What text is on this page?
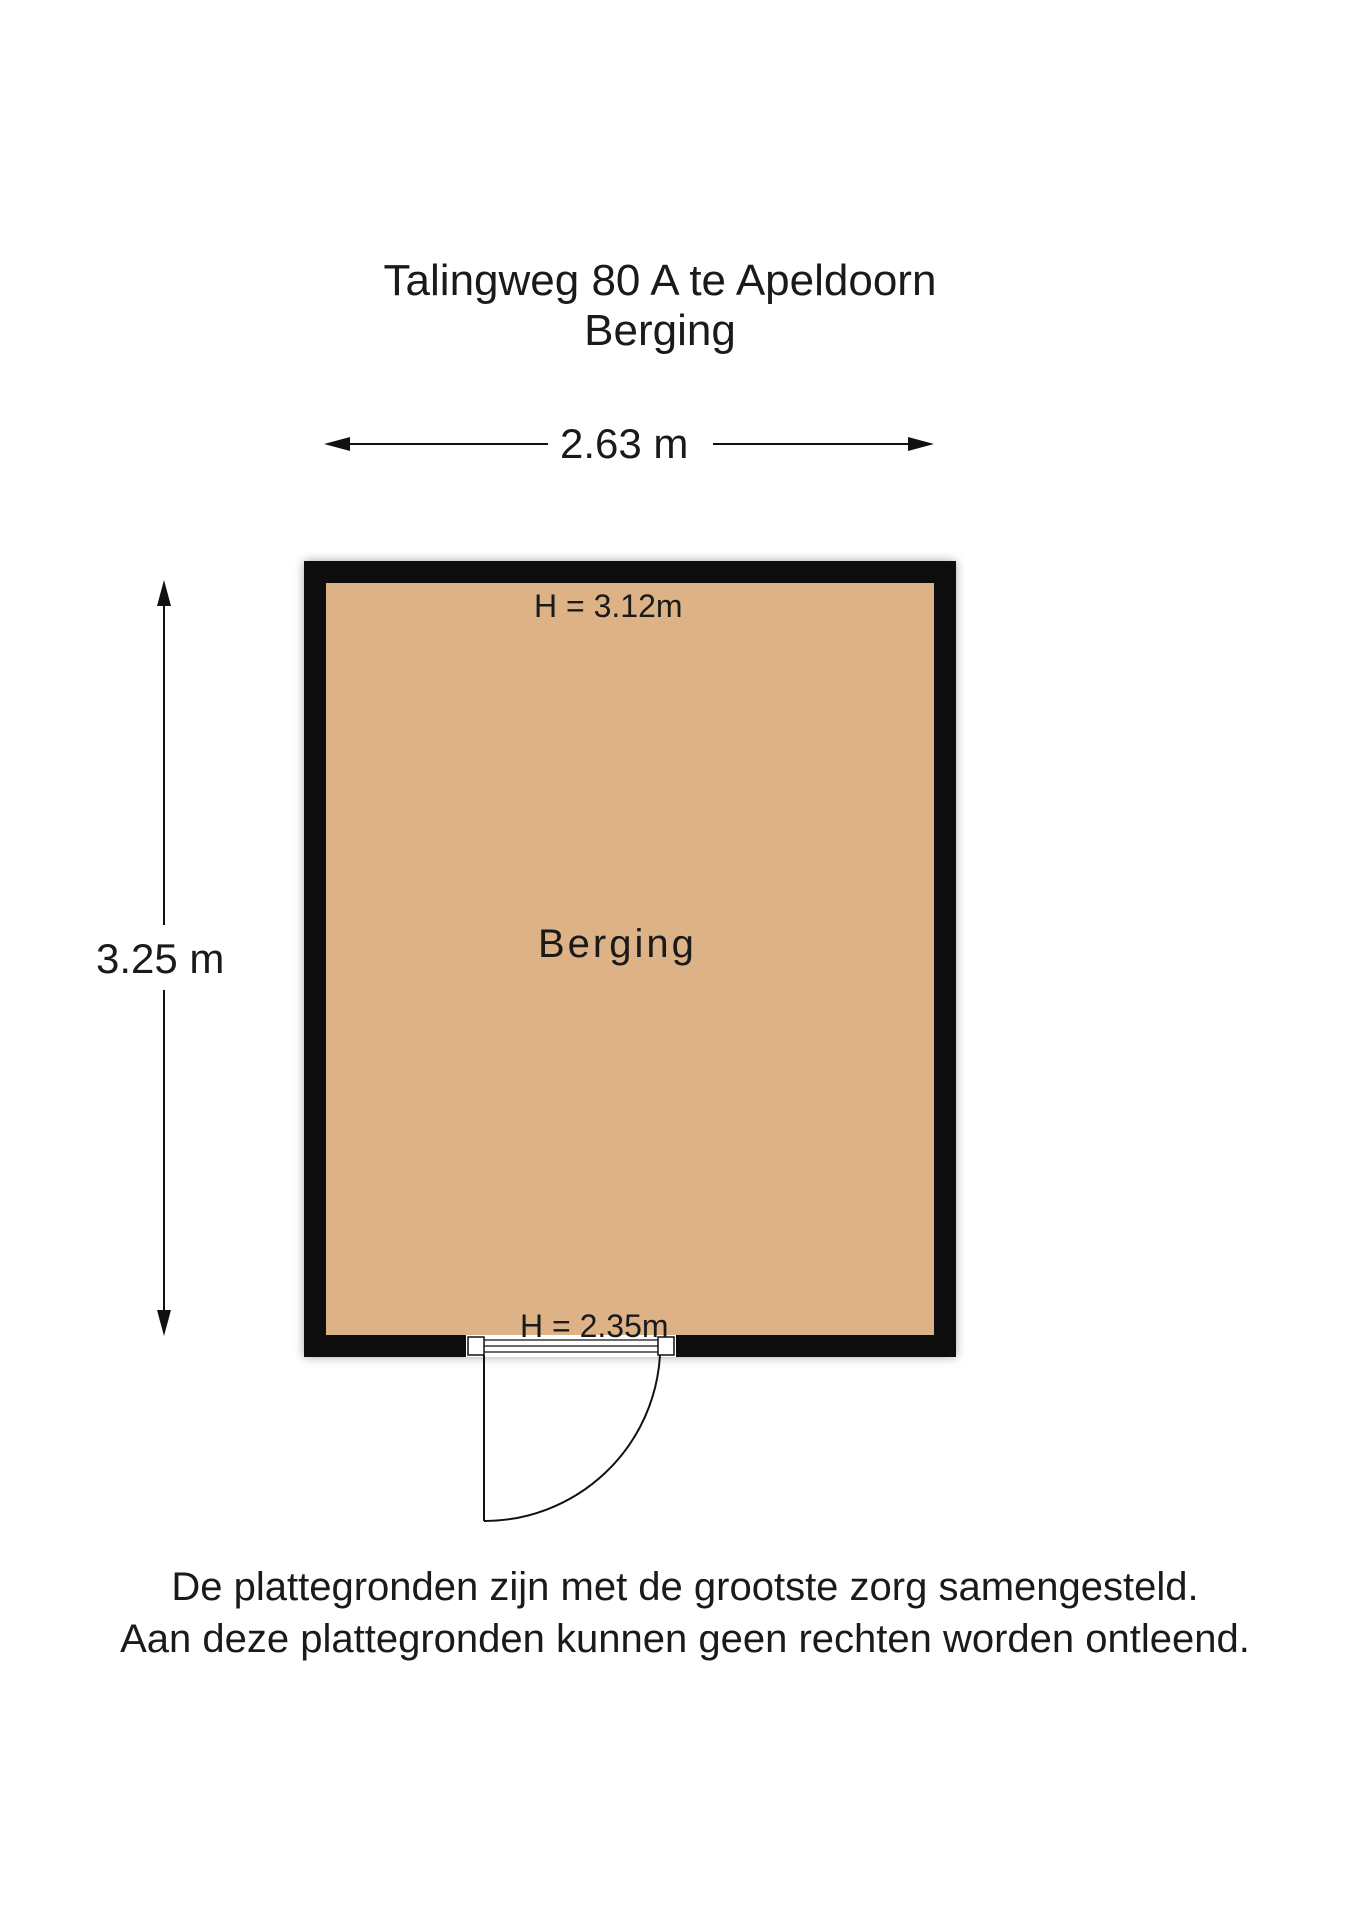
Talingweg 80 A te Apeldoorn
Berging
2.63 m
3.25 m
H = 3.12m
Berging
H = 2.35m
De plattegronden zijn met de grootste zorg samengesteld.
Aan deze plattegronden kunnen geen rechten worden ontleend.
